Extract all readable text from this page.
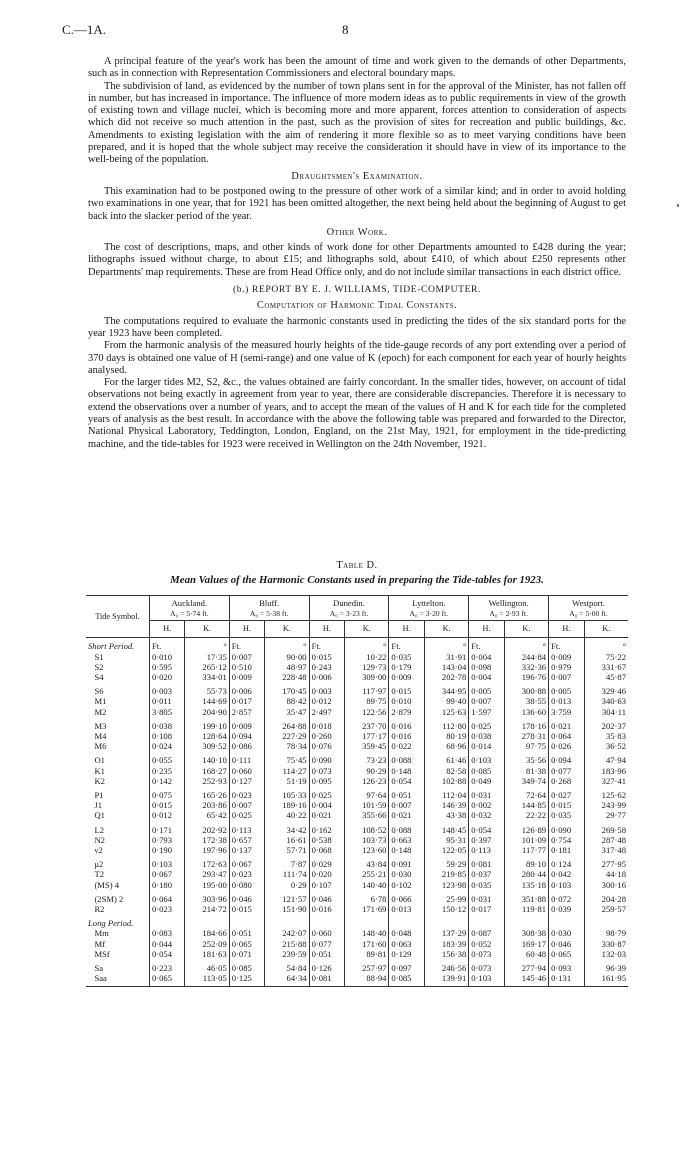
C.—1A.	8

A principal feature of the year's work has been the amount of time and work given to the demands of other Departments, such as in connection with Representation Commissioners and electoral boundary maps.

The subdivision of land, as evidenced by the number of town plans sent in for the approval of the Minister, has not fallen off in number, but has increased in importance. The influence of more modern ideas as to public requirements in view of the growth of existing town and village nuclei, which is becoming more and more apparent, forces attention to consideration of aspects which did not receive so much attention in the past, such as the provision of sites for recreation and public buildings, &c. Amendments to existing legislation with the aim of rendering it more flexible so as to meet varying conditions have been prepared, and it is hoped that the whole subject may receive the consideration it should have in view of its importance to the well-being of the population.

Draughtsmen's Examination.

This examination had to be postponed owing to the pressure of other work of a similar kind; and in order to avoid holding two examinations in one year, that for 1921 has been omitted altogether, the next being held about the beginning of August to get back into the slacker period of the year.

Other Work.

The cost of descriptions, maps, and other kinds of work done for other Departments amounted to £428 during the year; lithographs issued without charge, to about £15; and lithographs sold, about £410, of which about £250 represents other Departments' map requirements. These are from Head Office only, and do not include similar transactions in each district office.

(b.) REPORT BY E. J. WILLIAMS, TIDE-COMPUTER.
Computation of Harmonic Tidal Constants.

The computations required to evaluate the harmonic constants used in predicting the tides of the six standard ports for the year 1923 have been completed.

From the harmonic analysis of the measured hourly heights of the tide-gauge records of any port extending over a period of 370 days is obtained one value of H (semi-range) and one value of K (epoch) for each component for each year of hourly heights analysed.

For the larger tides M2, S2, &c., the values obtained are fairly concordant. In the smaller tides, however, on account of tidal observations not being exactly in agreement from year to year, there are considerable discrepancies. Therefore it is necessary to extend the observations over a number of years, and to accept the mean of the values of H and K for each tide for the completed years of analysis as the best result. In accordance with the above the following table was prepared and forwarded to the Director, National Physical Laboratory, Teddington, London, England, on the 21st May, 1921, for employment in the tide-predicting machine, and the tide-tables for 1923 were received in Wellington on the 24th November, 1921.

Table D.
Mean Values of the Harmonic Constants used in preparing the Tide-tables for 1923.
Tide Symbol.	Auckland.
A₀ = 5·74 ft.		Bluff.
A₀ = 5·38 ft.		Dunedin.
A₀ = 3·23 ft.		Lyttelton.
A₀ = 3·20 ft.		Wellington.
A₀ = 2·93 ft.		Westport.
A₀ = 5·00 ft.	

	H.	K.	H.	K.	H.	K.	H.	K.	H.	K.	H.	K.
Short Period.	Ft.	°	Ft.	°	Ft.	°	Ft.	°	Ft.	°	Ft.	°
S1	0·010	17·35	0·007	90·00	0·015	10·22	0·035	31·91	0·004	244·84	0·009	75·22
S2	0·595	265·12	0·510	48·97	0·243	129·73	0·179	143·04	0·098	332·36	0·979	331·67
S4	0·020	334·01	0·009	228·48	0·006	309·00	0·009	202·78	0·004	196·76	0·007	45·87

S6	0·003	55·73	0·006	170·45	0·003	117·97	0·015	344·95	0·005	300·88	0·005	329·46
M1	0·011	144·69	0·017	88·42	0·012	89·75	0·010	99·40	0·007	38·55	0·013	340·63
M2	3·805	204·90	2·857	35·47	2·497	122·56	2·879	125·63	1·597	136·60	3·759	304·11

M3	0·038	199·10	0·009	264·88	0·018	237·70	0·016	112·80	0·025	178·16	0·021	202·37
M4	0·108	128·64	0·094	227·29	0·260	177·17	0·016	80·19	0·038	278·31	0·064	35·83
M6	0·024	309·52	0·086	78·34	0·076	359·45	0·022	68·96	0·014	97·75	0·026	36·52

O1	0·055	140·10	0·111	75·45	0·090	73·23	0·088	61·46	0·103	35·56	0·094	47·94
K1	0·235	168·27	0·060	114·27	0·073	90·29	0·148	82·58	0·085	81·38	0·077	183·96
K2	0·142	252·93	0·127	51·19	0·095	126·23	0·054	102·88	0·049	349·74	0·268	327·41

P1	0·075	165·26	0·023	105·33	0·025	97·64	0·051	112·04	0·031	72·64	0·027	125·62
J1	0·015	203·86	0·007	189·16	0·004	101·59	0·007	146·39	0·002	144·85	0·015	243·99
Q1	0·012	65·42	0·025	40·22	0·021	355·66	0·021	43·38	0·032	22·22	0·035	29·77

L2	0·171	202·92	0·113	34·42	0·162	108·52	0·088	148·45	0·054	126·89	0·090	269·58
N2	0·793	172·38	0·657	16·61	0·538	103·73	0·663	95·31	0·397	101·09	0·754	287·48
ν2	0·190	197·96	0·137	57·71	0·068	123·60	0·148	122·05	0·113	117·77	0·181	317·48

μ2	0·103	172·63	0·067	7·87	0·029	43·84	0·091	59·29	0·081	89·10	0·124	277·95
T2	0·067	293·47	0·023	111·74	0·020	255·21	0·030	219·85	0·037	280·44	0·042	44·18
(MS) 4	0·180	195·00	0·080	0·29	0·107	140·40	0·102	123·98	0·035	135·18	0·103	300·16

(2SM) 2	0·064	303·96	0·046	121·57	0·046	6·78	0·066	25·99	0·031	351·88	0·072	204·28
R2	0·023	214·72	0·015	151·90	0·016	171·69	0·013	150·12	0·017	119·81	0·039	259·57

Long Period.												
Mm	0·083	184·66	0·051	242·07	0·060	148·40	0·048	137·29	0·087	308·38	0·030	98·79
Mf	0·044	252·09	0·065	215·88	0·077	171·60	0·063	183·39	0·052	169·17	0·046	330·87
MSf	0·054	181·63	0·071	239·59	0·051	89·81	0·129	156·38	0·073	60·48	0·065	132·03

Sa	0·223	46·05	0·085	54·84	0·126	257·97	0·097	246·56	0·073	277·94	0·093	96·39
Saa	0·065	113·05	0·125	64·34	0·081	88·94	0·085	139·91	0·103	145·46	0·131	161·95
